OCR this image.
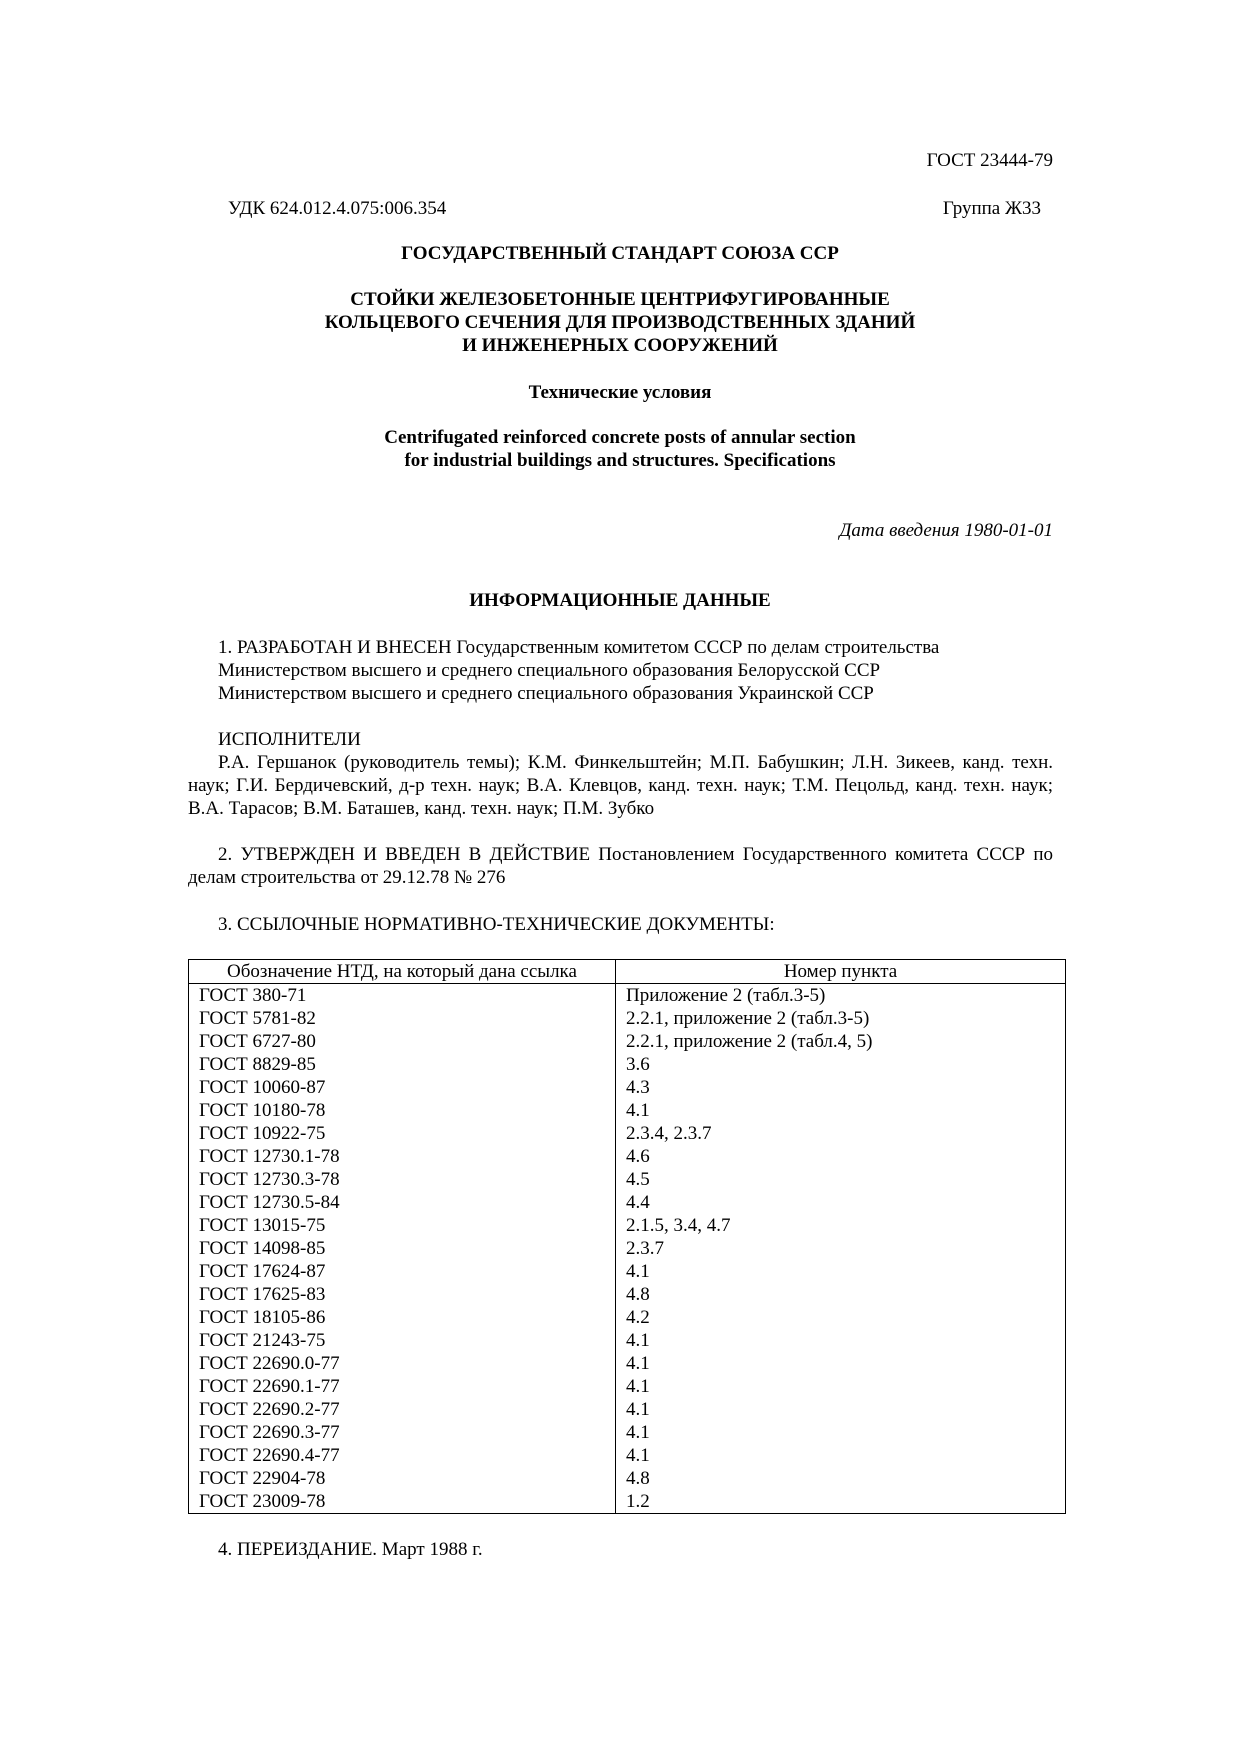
ГОСТ 23444-79
УДК 624.012.4.075:006.354	Группа Ж33
ГОСУДАРСТВЕННЫЙ СТАНДАРТ СОЮЗА ССР
СТОЙКИ ЖЕЛЕЗОБЕТОННЫЕ ЦЕНТРИФУГИРОВАННЫЕ
КОЛЬЦЕВОГО СЕЧЕНИЯ ДЛЯ ПРОИЗВОДСТВЕННЫХ ЗДАНИЙ
И ИНЖЕНЕРНЫХ СООРУЖЕНИЙ
Технические условия
Centrifugated reinforced concrete posts of annular section
for industrial buildings and structures. Specifications
Дата введения 1980-01-01
ИНФОРМАЦИОННЫЕ ДАННЫЕ
1. РАЗРАБОТАН И ВНЕСЕН Государственным комитетом СССР по делам строительства
Министерством высшего и среднего специального образования Белорусской ССР
Министерством высшего и среднего специального образования Украинской ССР
ИСПОЛНИТЕЛИ
Р.А. Гершанок (руководитель темы); К.М. Финкельштейн; М.П. Бабушкин; Л.Н. Зикеев, канд. техн. наук; Г.И. Бердичевский, д-р техн. наук; В.А. Клевцов, канд. техн. наук; Т.М. Пецольд, канд. техн. наук; В.А. Тарасов; В.М. Баташев, канд. техн. наук; П.М. Зубко
2. УТВЕРЖДЕН И ВВЕДЕН В ДЕЙСТВИЕ Постановлением Государственного комитета СССР по делам строительства от 29.12.78 № 276
3. ССЫЛОЧНЫЕ НОРМАТИВНО-ТЕХНИЧЕСКИЕ ДОКУМЕНТЫ:
Обозначение НТД, на который дана ссылка	Номер пункта
ГОСТ 380-71	Приложение 2 (табл.3-5)
ГОСТ 5781-82	2.2.1, приложение 2 (табл.3-5)
ГОСТ 6727-80	2.2.1, приложение 2 (табл.4, 5)
ГОСТ 8829-85	3.6
ГОСТ 10060-87	4.3
ГОСТ 10180-78	4.1
ГОСТ 10922-75	2.3.4, 2.3.7
ГОСТ 12730.1-78	4.6
ГОСТ 12730.3-78	4.5
ГОСТ 12730.5-84	4.4
ГОСТ 13015-75	2.1.5, 3.4, 4.7
ГОСТ 14098-85	2.3.7
ГОСТ 17624-87	4.1
ГОСТ 17625-83	4.8
ГОСТ 18105-86	4.2
ГОСТ 21243-75	4.1
ГОСТ 22690.0-77	4.1
ГОСТ 22690.1-77	4.1
ГОСТ 22690.2-77	4.1
ГОСТ 22690.3-77	4.1
ГОСТ 22690.4-77	4.1
ГОСТ 22904-78	4.8
ГОСТ 23009-78	1.2
4. ПЕРЕИЗДАНИЕ. Март 1988 г.
